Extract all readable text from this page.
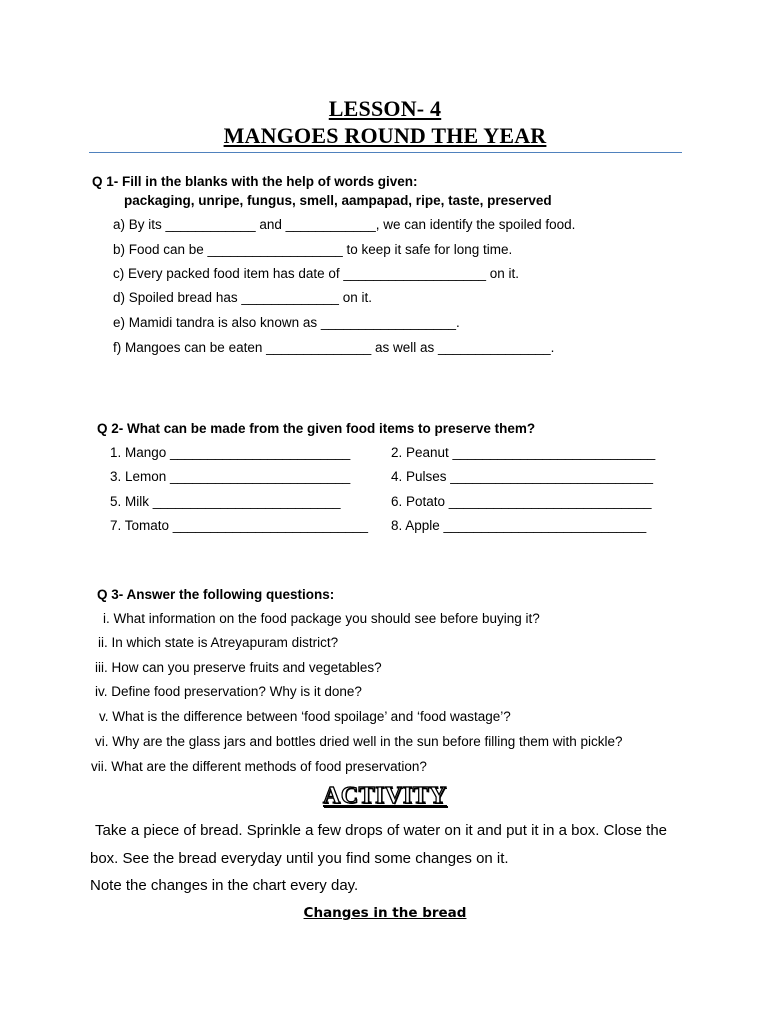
LESSON- 4
MANGOES ROUND THE YEAR
Q 1- Fill in the blanks with the help of words given:
packaging, unripe, fungus, smell, aampapad, ripe, taste, preserved
a) By its ____________ and ____________, we can identify the spoiled food.
b) Food can be __________________ to keep it safe for long time.
c) Every packed food item has date of ___________________ on it.
d) Spoiled bread has _____________ on it.
e) Mamidi tandra is also known as __________________.
f) Mangoes can be eaten ______________ as well as _______________.
Q 2- What can be made from the given food items to preserve them?
1. Mango ________________________	2. Peanut ___________________________
3. Lemon ________________________	4. Pulses ___________________________
5. Milk _________________________	6. Potato ___________________________
7. Tomato __________________________ 8. Apple ___________________________
Q 3- Answer the following questions:
i. What information on the food package you should see before buying it?
ii. In which state is Atreyapuram district?
iii. How can you preserve fruits and vegetables?
iv. Define food preservation? Why is it done?
v. What is the difference between ‘food spoilage’ and ‘food wastage’?
vi. Why are the glass jars and bottles dried well in the sun before filling them with pickle?
vii. What are the different methods of food preservation?
ACTIVITY
Take a piece of bread. Sprinkle a few drops of water on it and put it in a box. Close the
box. See the bread everyday until you find some changes on it.
Note the changes in the chart every day.
Changes in the bread
